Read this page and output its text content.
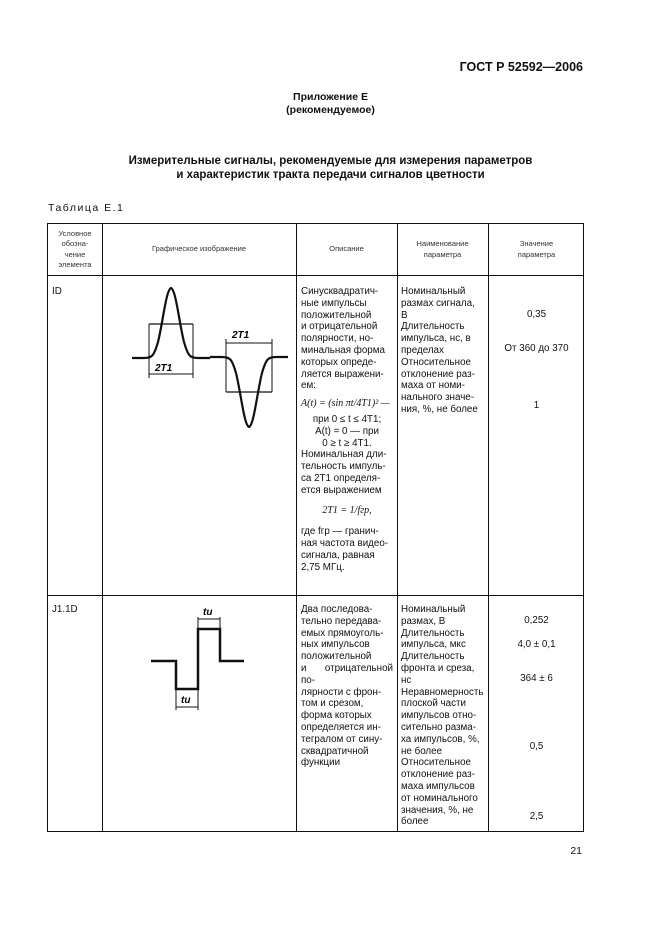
ГОСТ Р 52592—2006
Приложение Е
(рекомендуемое)
Измерительные сигналы, рекомендуемые для измерения параметров
и характеристик тракта передачи сигналов цветности
Таблица Е.1
Условное
обозна-
чение
элемента
Графическое изображение	Описание
Наименование
параметра
Значение
параметра
ID
2T1
2T1
Синусквадратич-
ные импульсы
положительной
и отрицательной
полярности, но-
минальная форма
которых опреде-
ляется выражени-
ем:
A(t) = (sin πt/4T1)² —
при 0 ≤ t ≤ 4T1;
A(t) = 0 — при
0 ≥ t ≥ 4T1.
Номинальная дли-
тельность импуль-
са 2T1 определя-
ется выражением
2T1 = 1/fгр,
где fгр — гранич-
ная частота видео-
сигнала, равная
2,75 МГц.
Номинальный
размах сигнала,
В
Длительность
импульса, нс, в
пределах
Относительное
отклонение раз-
маха от номи-
нального значе-
ния, %, не более
0,35
От 360 до 370
1
J1.1D	tи
tи
Два последова-
тельно передава-
емых прямоуголь-
ных импульсов
положительной
и отрицательной по-
лярности с фрон-
том и срезом,
форма которых
определяется ин-
тегралом от сину-
сквадратичной
функции
Номинальный
размах, В
Длительность
импульса, мкс
Длительность
фронта и среза,
нс
Неравномерность
плоской части
импульсов отно-
сительно разма-
ха импульсов, %,
не более
Относительное
отклонение раз-
маха импульсов
от номинального
значения, %, не
более
0,252
4,0 ± 0,1
364 ± 6
0,5
2,5
21
